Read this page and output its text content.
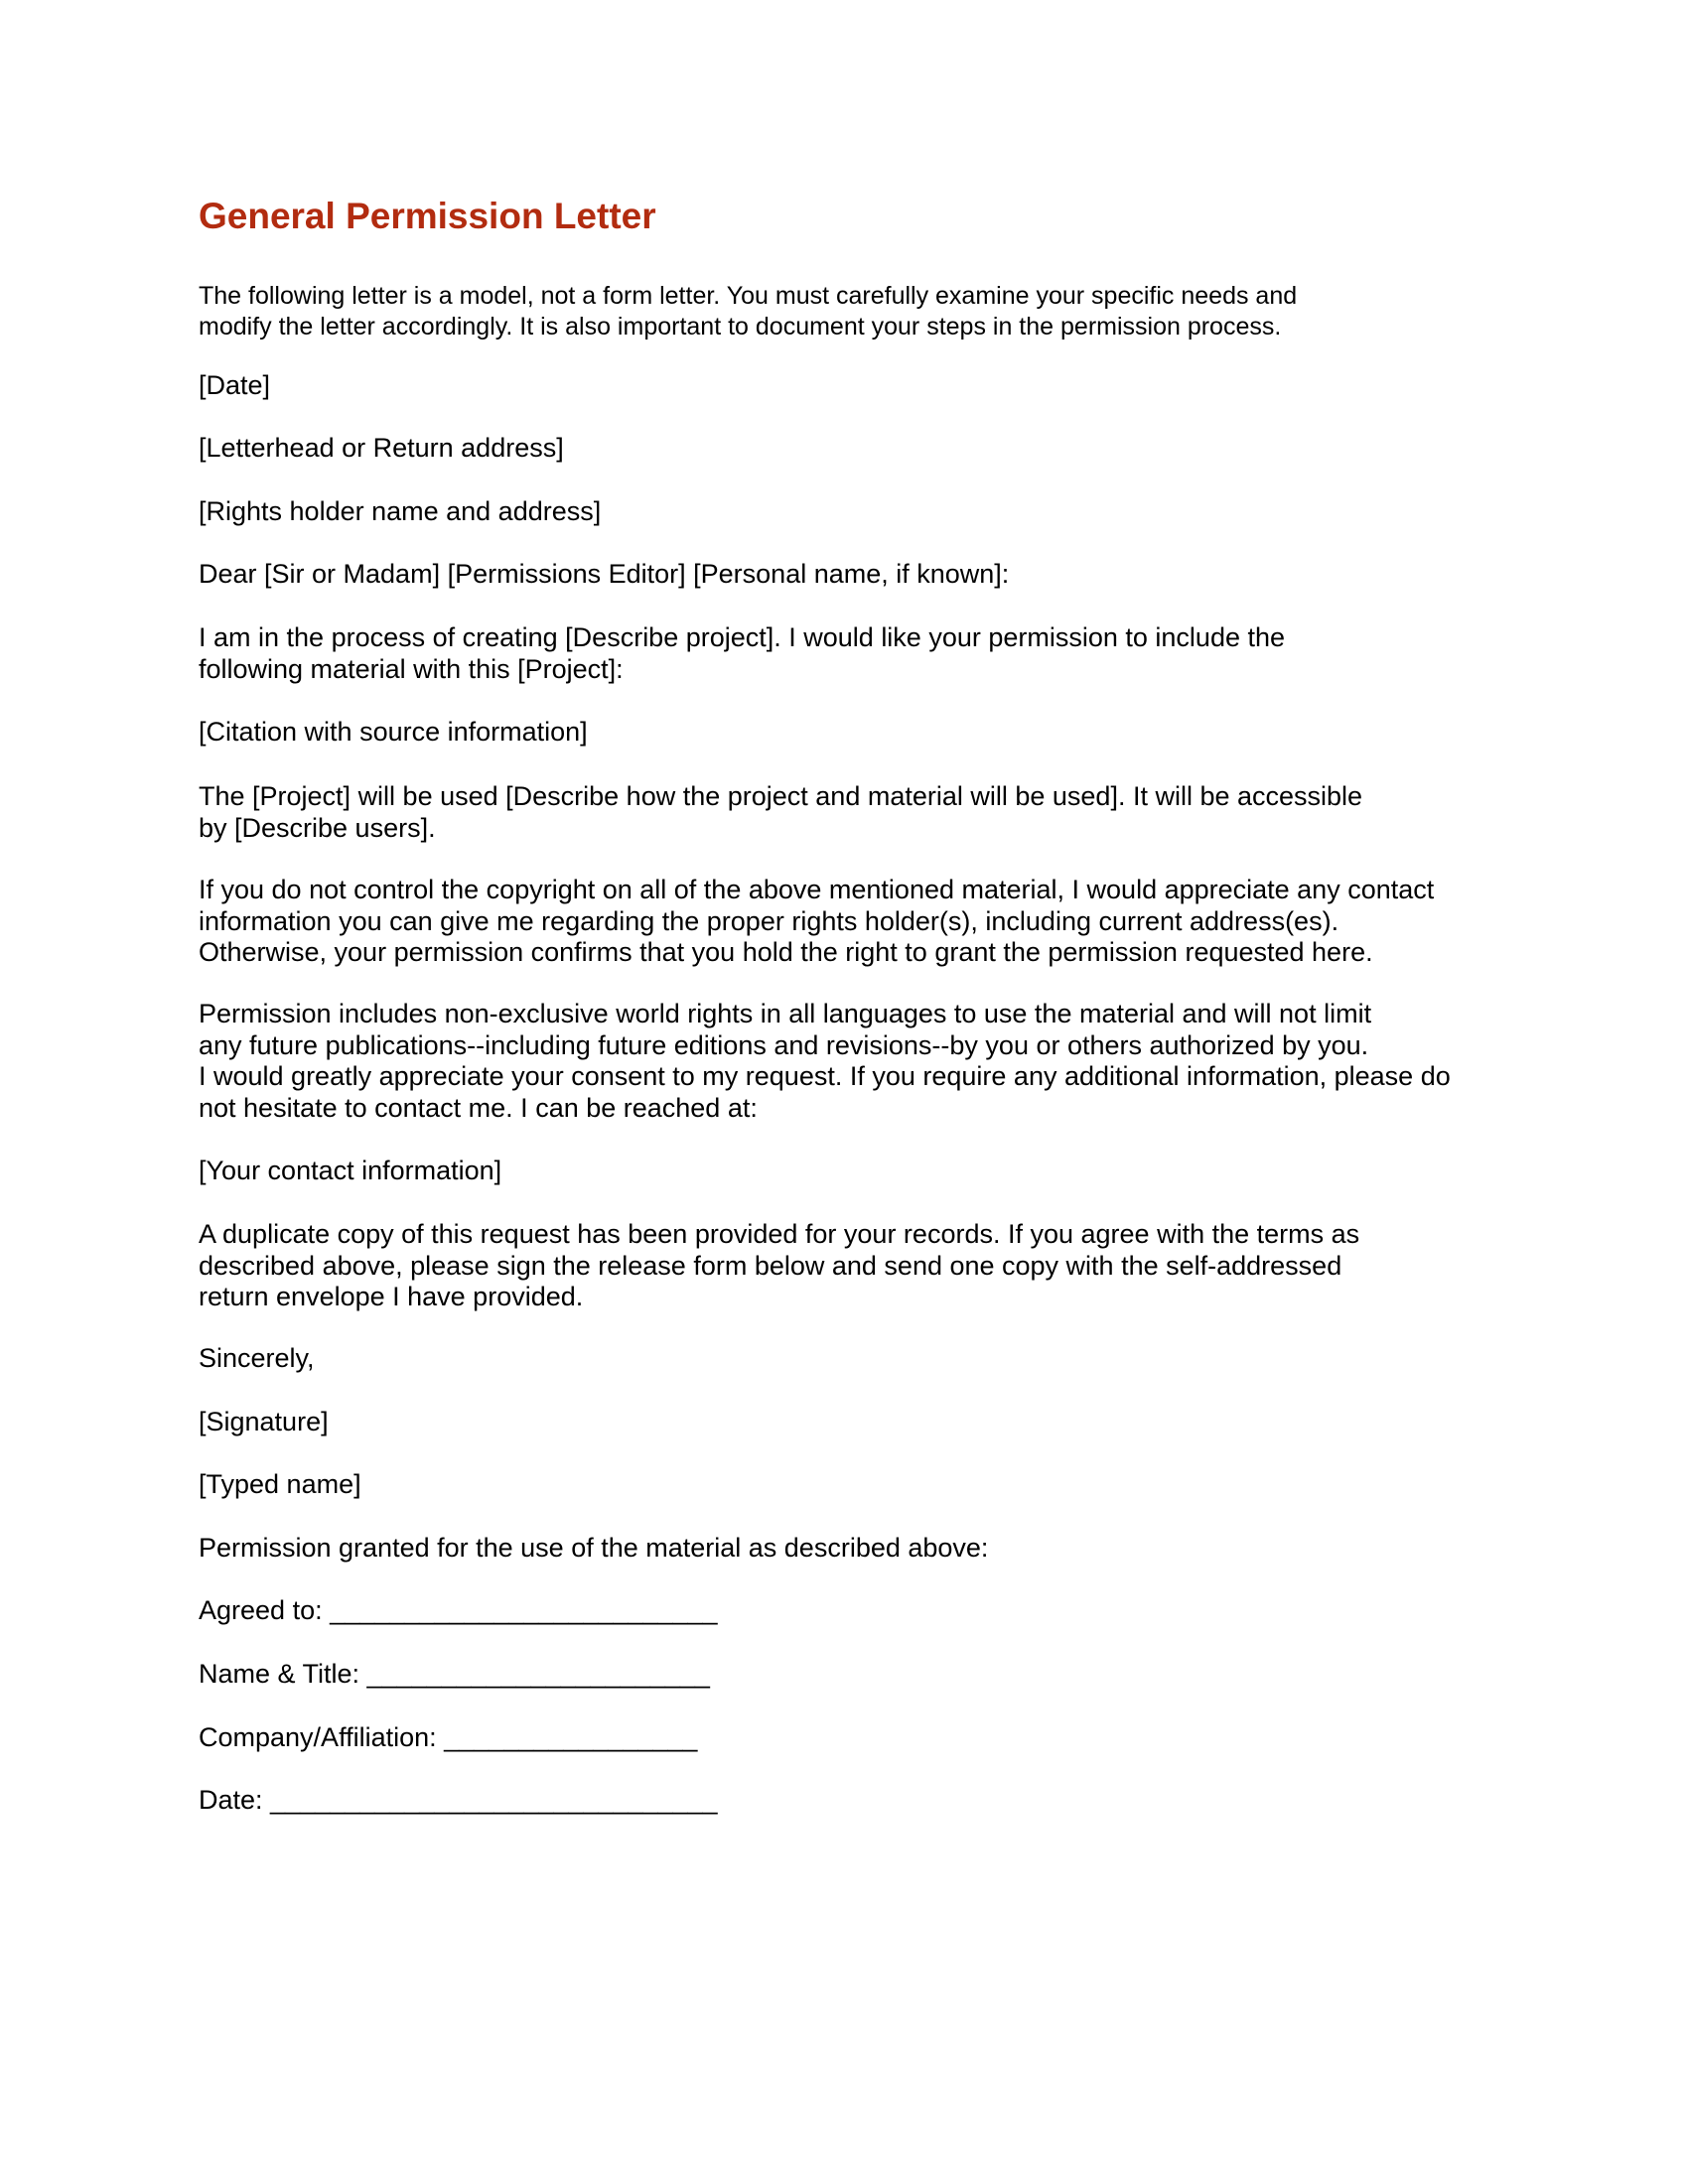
General Permission Letter
The following letter is a model, not a form letter. You must carefully examine your specific needs and
modify the letter accordingly. It is also important to document your steps in the permission process.
[Date]
[Letterhead or Return address]
[Rights holder name and address]
Dear [Sir or Madam] [Permissions Editor] [Personal name, if known]:
I am in the process of creating [Describe project]. I would like your permission to include the
following material with this [Project]:
[Citation with source information]
The [Project] will be used [Describe how the project and material will be used]. It will be accessible
by [Describe users].
If you do not control the copyright on all of the above mentioned material, I would appreciate any contact
information you can give me regarding the proper rights holder(s), including current address(es).
Otherwise, your permission confirms that you hold the right to grant the permission requested here.
Permission includes non-exclusive world rights in all languages to use the material and will not limit
any future publications--including future editions and revisions--by you or others authorized by you.
I would greatly appreciate your consent to my request. If you require any additional information, please do
not hesitate to contact me. I can be reached at:
[Your contact information]
A duplicate copy of this request has been provided for your records. If you agree with the terms as
described above, please sign the release form below and send one copy with the self-addressed
return envelope I have provided.
Sincerely,
[Signature]
[Typed name]
Permission granted for the use of the material as described above:
Agreed to: __________________________
Name & Title: _______________________
Company/Affiliation: _________________
Date: ______________________________
